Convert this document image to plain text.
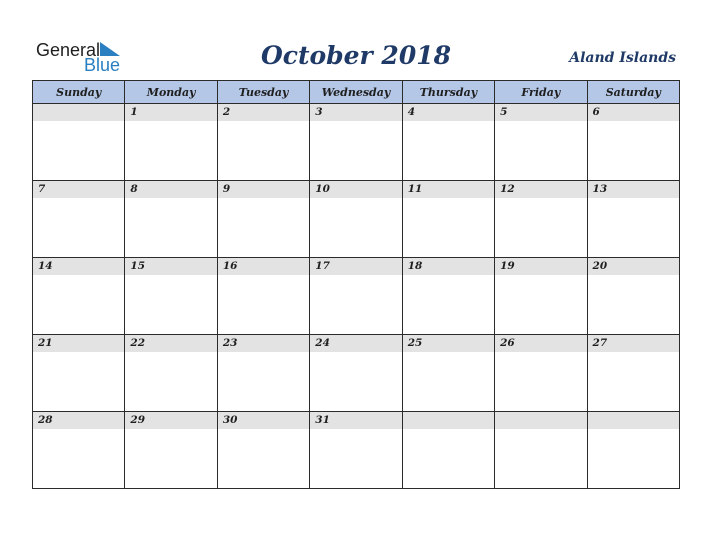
General
Blue	October 2018	Aland Islands
Sunday	Monday	Tuesday	Wednesday	Thursday	Friday	Saturday

	1	2	3	4	5	6

7	8	9	10	11	12	13

14	15	16	17	18	19	20

21	22	23	24	25	26	27

28	29	30	31			
